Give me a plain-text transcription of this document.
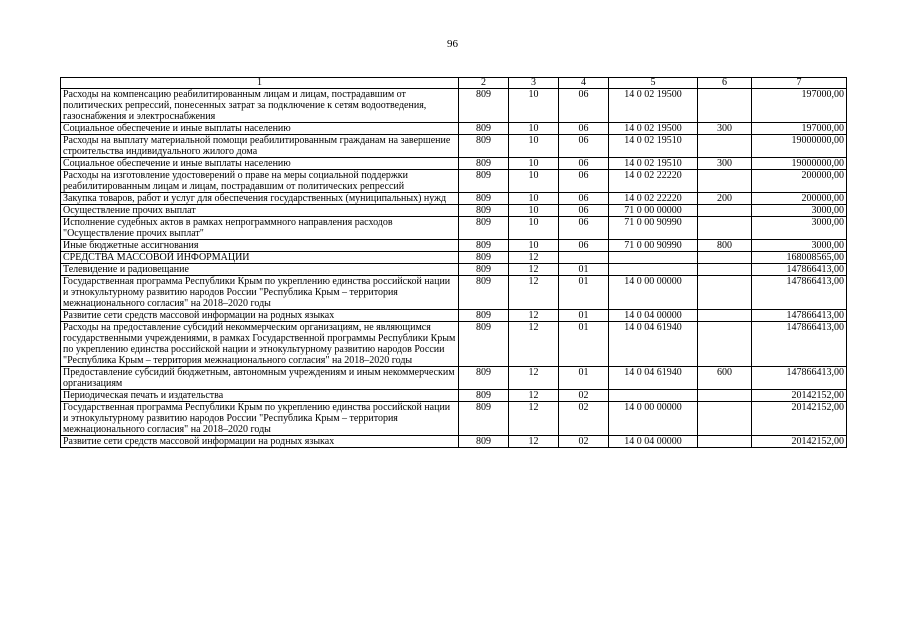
96
1	2	3	4	5	6	7
Расходы на компенсацию реабилитированным лицам и лицам, пострадавшим от политических репрессий, понесенных затрат за подключение к сетям водоотведения, газоснабжения и электроснабжения	809	10	06	14 0 02 19500		197000,00
Социальное обеспечение и иные выплаты населению	809	10	06	14 0 02 19500	300	197000,00
Расходы на выплату материальной помощи реабилитированным гражданам на завершение строительства индивидуального жилого дома	809	10	06	14 0 02 19510		19000000,00
Социальное обеспечение и иные выплаты населению	809	10	06	14 0 02 19510	300	19000000,00
Расходы на изготовление удостоверений о праве на меры социальной поддержки реабилитированным лицам и лицам, пострадавшим от политических репрессий	809	10	06	14 0 02 22220		200000,00
Закупка товаров, работ и услуг для обеспечения государственных (муниципальных) нужд	809	10	06	14 0 02 22220	200	200000,00
Осуществление прочих выплат	809	10	06	71 0 00 00000		3000,00
Исполнение судебных актов в рамках непрограммного направления расходов "Осуществление прочих выплат"	809	10	06	71 0 00 90990		3000,00
Иные бюджетные ассигнования	809	10	06	71 0 00 90990	800	3000,00
СРЕДСТВА МАССОВОЙ ИНФОРМАЦИИ	809	12				168008565,00
Телевидение и радиовещание	809	12	01			147866413,00
Государственная программа Республики Крым по укреплению единства российской нации и этнокультурному развитию народов России "Республика Крым – территория межнационального согласия" на 2018–2020 годы	809	12	01	14 0 00 00000		147866413,00
Развитие сети средств массовой информации на родных языках	809	12	01	14 0 04 00000		147866413,00
Расходы на предоставление субсидий некоммерческим организациям, не являющимся государственными учреждениями, в рамках Государственной программы Республики Крым по укреплению единства российской нации и этнокультурному развитию народов России "Республика Крым – территория межнационального согласия" на 2018–2020 годы	809	12	01	14 0 04 61940		147866413,00
Предоставление субсидий бюджетным, автономным учреждениям и иным некоммерческим организациям	809	12	01	14 0 04 61940	600	147866413,00
Периодическая печать и издательства	809	12	02			20142152,00
Государственная программа Республики Крым по укреплению единства российской нации и этнокультурному развитию народов России "Республика Крым – территория межнационального согласия" на 2018–2020 годы	809	12	02	14 0 00 00000		20142152,00
Развитие сети средств массовой информации на родных языках	809	12	02	14 0 04 00000		20142152,00
